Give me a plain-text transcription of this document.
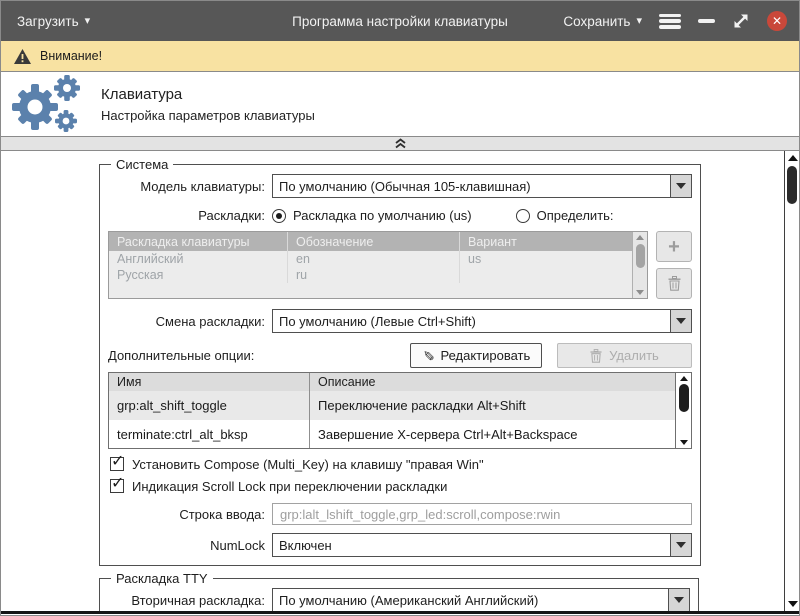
Загрузить ▾	Программа настройки клавиатуры	Сохранить ▾	✕
Внимание!
Клавиатура
Настройка параметров клавиатуры
Система
Модель клавиатуры:	По умолчанию (Обычная 105-клавишная)
Раскладки: Раскладка по умолчанию (us)	Определить:
Раскладка клавиатуры	Обозначение	Вариант
Английский	en	us
Русская	ru
+
Смена раскладки:	По умолчанию (Левые Ctrl+Shift)
Дополнительные опции:	✎ Редактировать	Удалить
Имя	Описание
grp:alt_shift_toggle	Переключение раскладки Alt+Shift
terminate:ctrl_alt_bksp	Завершение X-сервера Ctrl+Alt+Backspace
✓ Установить Compose (Multi_Key) на клавишу "правая Win"
✓ Индикация Scroll Lock при переключении раскладки
Строка ввода:
grp:lalt_lshift_toggle,grp_led:scroll,compose:rwin
NumLock	Включен
Раскладка TTY
Вторичная раскладка:	По умолчанию (Американский Английский)
